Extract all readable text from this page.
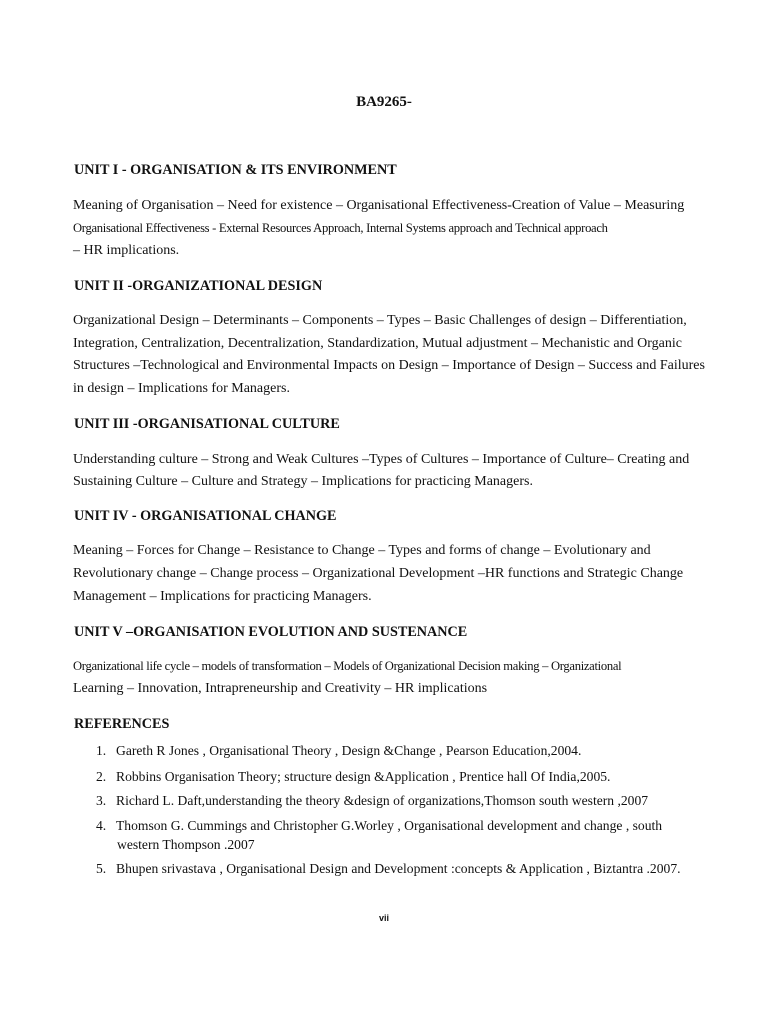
BA9265-
UNIT I - ORGANISATION & ITS ENVIRONMENT
Meaning of Organisation – Need for existence – Organisational Effectiveness-Creation of Value – Measuring
Organisational Effectiveness - External Resources Approach, Internal Systems approach and Technical approach
– HR implications.
UNIT II -ORGANIZATIONAL DESIGN
Organizational Design – Determinants – Components – Types – Basic Challenges of design – Differentiation,
Integration, Centralization, Decentralization, Standardization, Mutual adjustment – Mechanistic and Organic
Structures –Technological and Environmental Impacts on Design – Importance of Design – Success and Failures
in design – Implications for Managers.
UNIT III -ORGANISATIONAL CULTURE
Understanding culture – Strong and Weak Cultures –Types of Cultures – Importance of Culture– Creating and
Sustaining Culture – Culture and Strategy – Implications for practicing Managers.
UNIT IV - ORGANISATIONAL CHANGE
Meaning – Forces for Change – Resistance to Change – Types and forms of change – Evolutionary and
Revolutionary change – Change process – Organizational Development –HR functions and Strategic Change
Management – Implications for practicing Managers.
UNIT V –ORGANISATION EVOLUTION AND SUSTENANCE
Organizational life cycle – models of transformation – Models of Organizational Decision making – Organizational
Learning – Innovation, Intrapreneurship and Creativity – HR implications
REFERENCES
1. Gareth R Jones , Organisational Theory , Design &Change , Pearson Education,2004.
2. Robbins Organisation Theory; structure design &Application , Prentice hall Of India,2005.
3. Richard L. Daft,understanding the theory &design of organizations,Thomson south western ,2007
4. Thomson G. Cummings and Christopher G.Worley , Organisational development and change , south
western Thompson .2007
5. Bhupen srivastava , Organisational Design and Development :concepts & Application , Biztantra .2007.
vii
